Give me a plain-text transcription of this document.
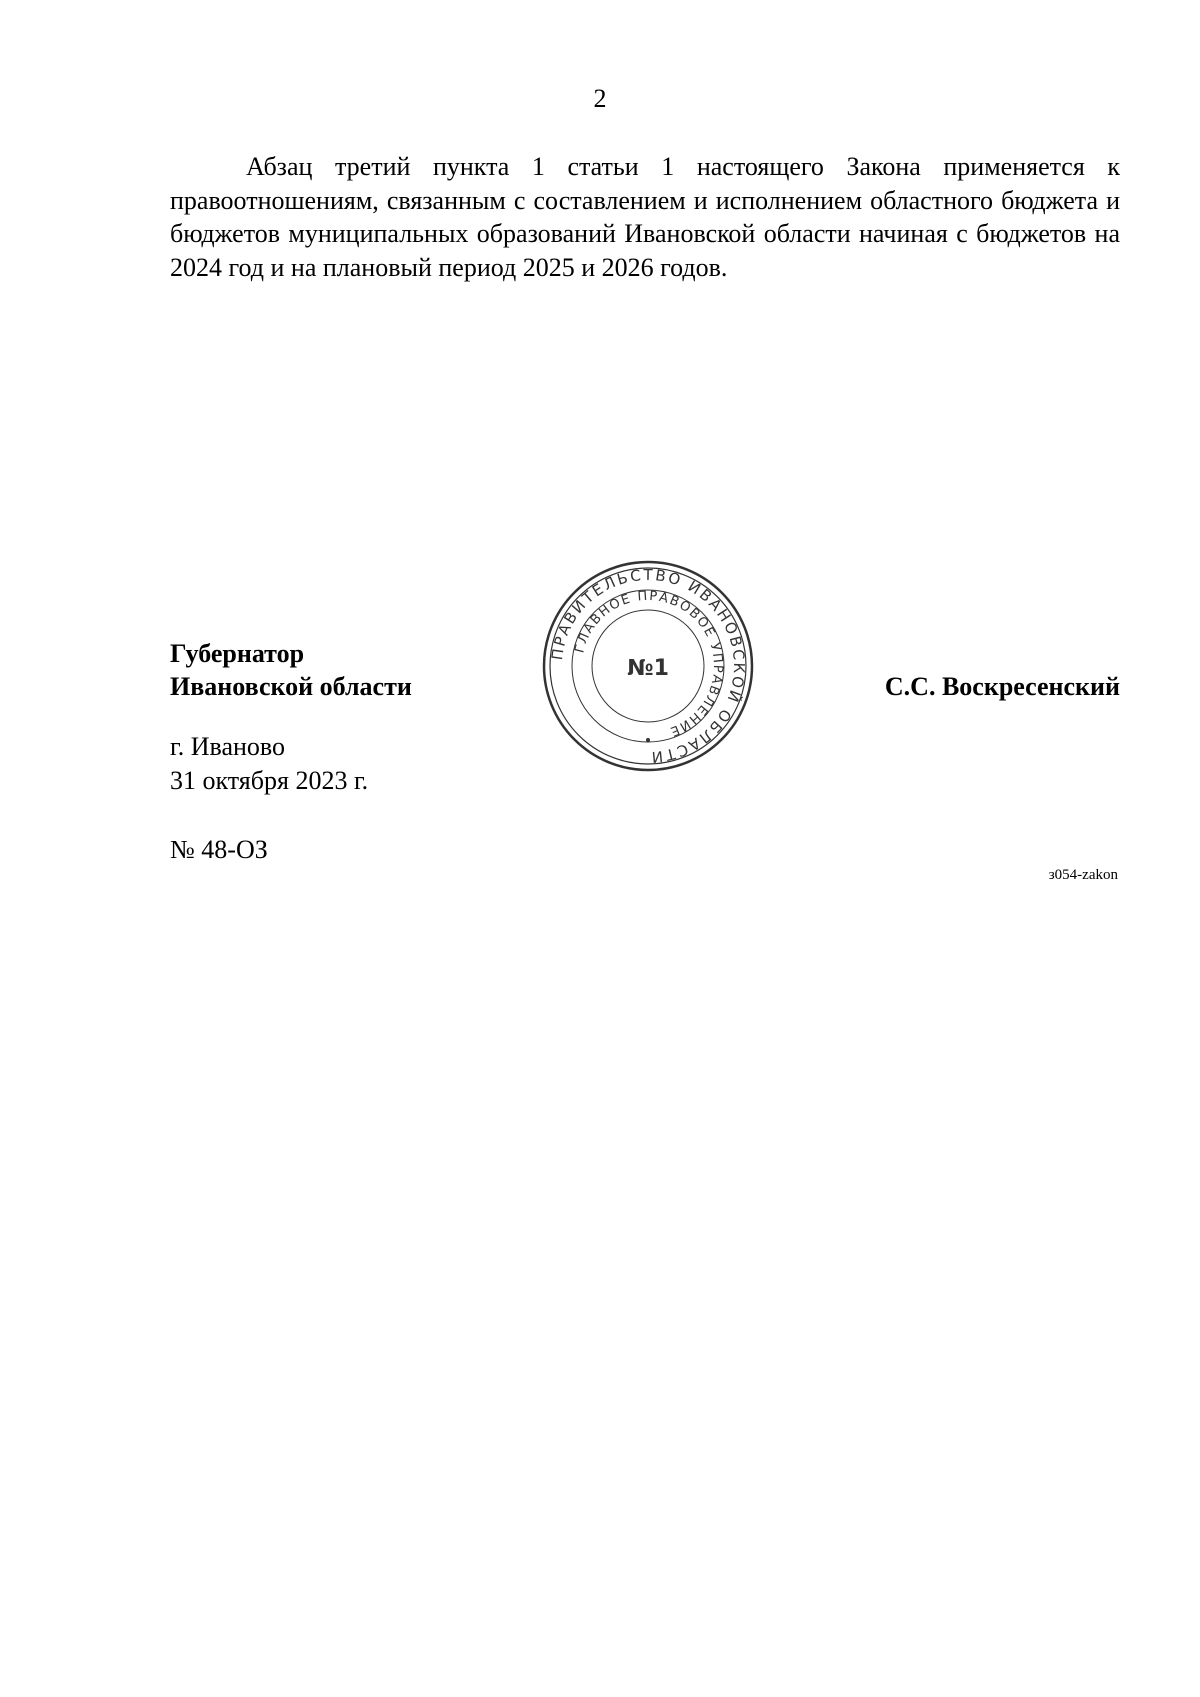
2

Абзац третий пункта 1 статьи 1 настоящего Закона применяется к правоотношениям, связанным с составлением и исполнением областного бюджета и бюджетов муниципальных образований Ивановской области начиная с бюджетов на 2024 год и на плановый период 2025 и 2026 годов.

Губернатор
Ивановской области	С.С. Воскресенский
ПРАВИТЕЛЬСТВО ИВАНОВСКОЙ ОБЛАСТИ
ГЛАВНОЕ ПРАВОВОЕ УПРАВЛЕНИЕ
№1
г. Иваново
31 октября 2023 г.
№ 48-ОЗ
з054-zakon
